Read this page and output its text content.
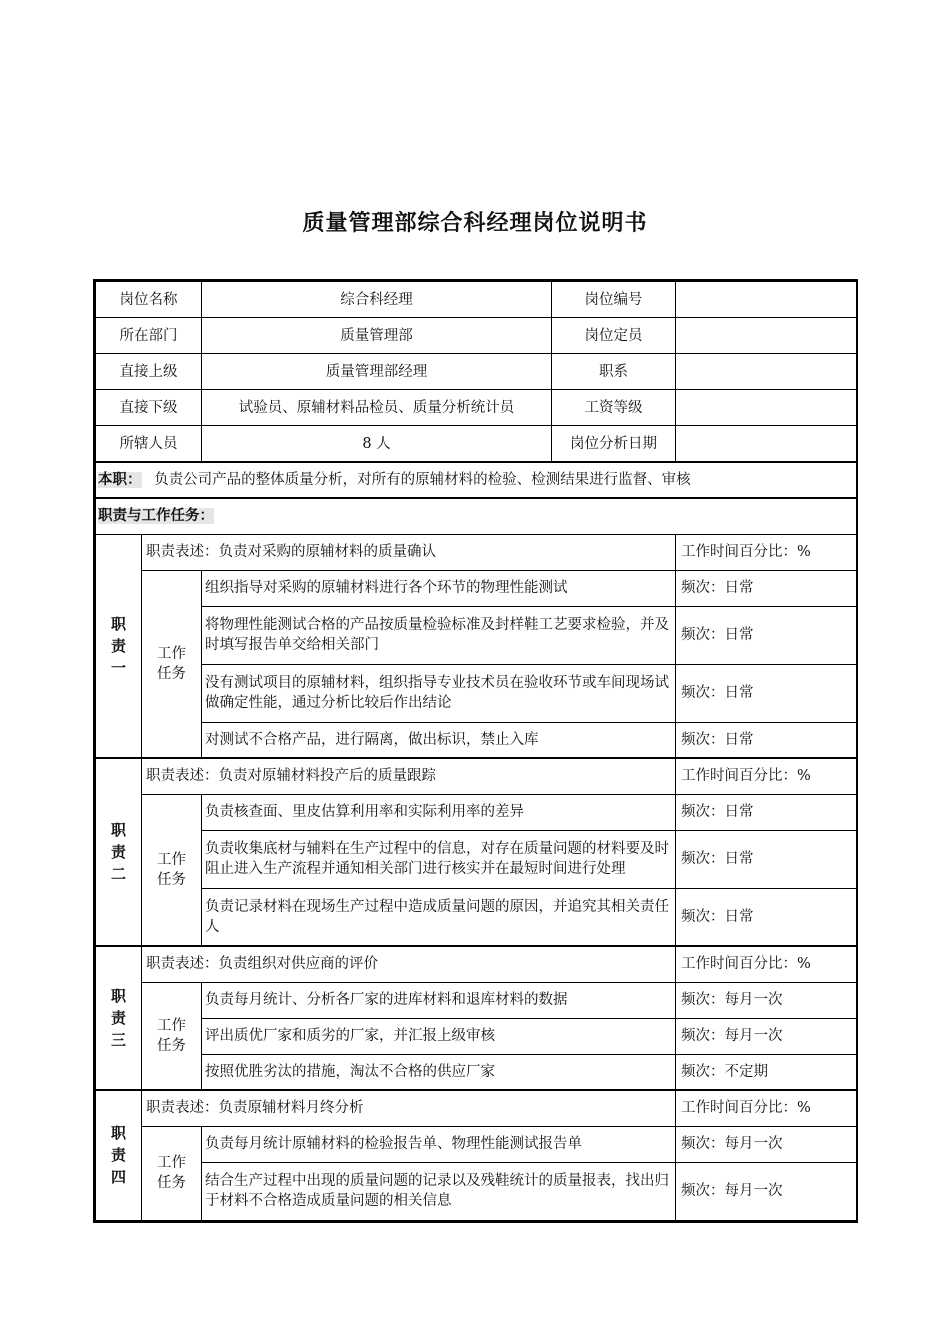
质量管理部综合科经理岗位说明书
岗位名称		综合科经理	岗位编号	
所在部门		质量管理部	岗位定员	
直接上级		质量管理部经理	职系	
直接下级		试验员、原辅材料品检员、质量分析统计员	工资等级	
所辖人员		8 人	岗位分析日期	
本职： 负责公司产品的整体质量分析，对所有的原辅材料的检验、检测结果进行监督、审核				
职责与工作任务：				
职责一	职责表述：负责对采购的原辅材料的质量确认			工作时间百分比：%
	工作任务	组织指导对采购的原辅材料进行各个环节的物理性能测试		频次：日常
		将物理性能测试合格的产品按质量检验标准及封样鞋工艺要求检验，并及时填写报告单交给相关部门		频次：日常
		没有测试项目的原辅材料，组织指导专业技术员在验收环节或车间现场试做确定性能，通过分析比较后作出结论		频次：日常
		对测试不合格产品，进行隔离，做出标识，禁止入库		频次：日常
职责二	职责表述：负责对原辅材料投产后的质量跟踪			工作时间百分比：%
	工作任务	负责核查面、里皮估算利用率和实际利用率的差异		频次：日常
		负责收集底材与辅料在生产过程中的信息，对存在质量问题的材料要及时阻止进入生产流程并通知相关部门进行核实并在最短时间进行处理		频次：日常
		负责记录材料在现场生产过程中造成质量问题的原因，并追究其相关责任人		频次：日常
职责三	职责表述：负责组织对供应商的评价			工作时间百分比：%
	工作任务	负责每月统计、分析各厂家的进库材料和退库材料的数据		频次：每月一次
		评出质优厂家和质劣的厂家，并汇报上级审核		频次：每月一次
		按照优胜劣汰的措施，淘汰不合格的供应厂家		频次：不定期
职责四	职责表述：负责原辅材料月终分析			工作时间百分比：%
	工作任务	负责每月统计原辅材料的检验报告单、物理性能测试报告单		频次：每月一次
		结合生产过程中出现的质量问题的记录以及残鞋统计的质量报表，找出归于材料不合格造成质量问题的相关信息		频次：每月一次
